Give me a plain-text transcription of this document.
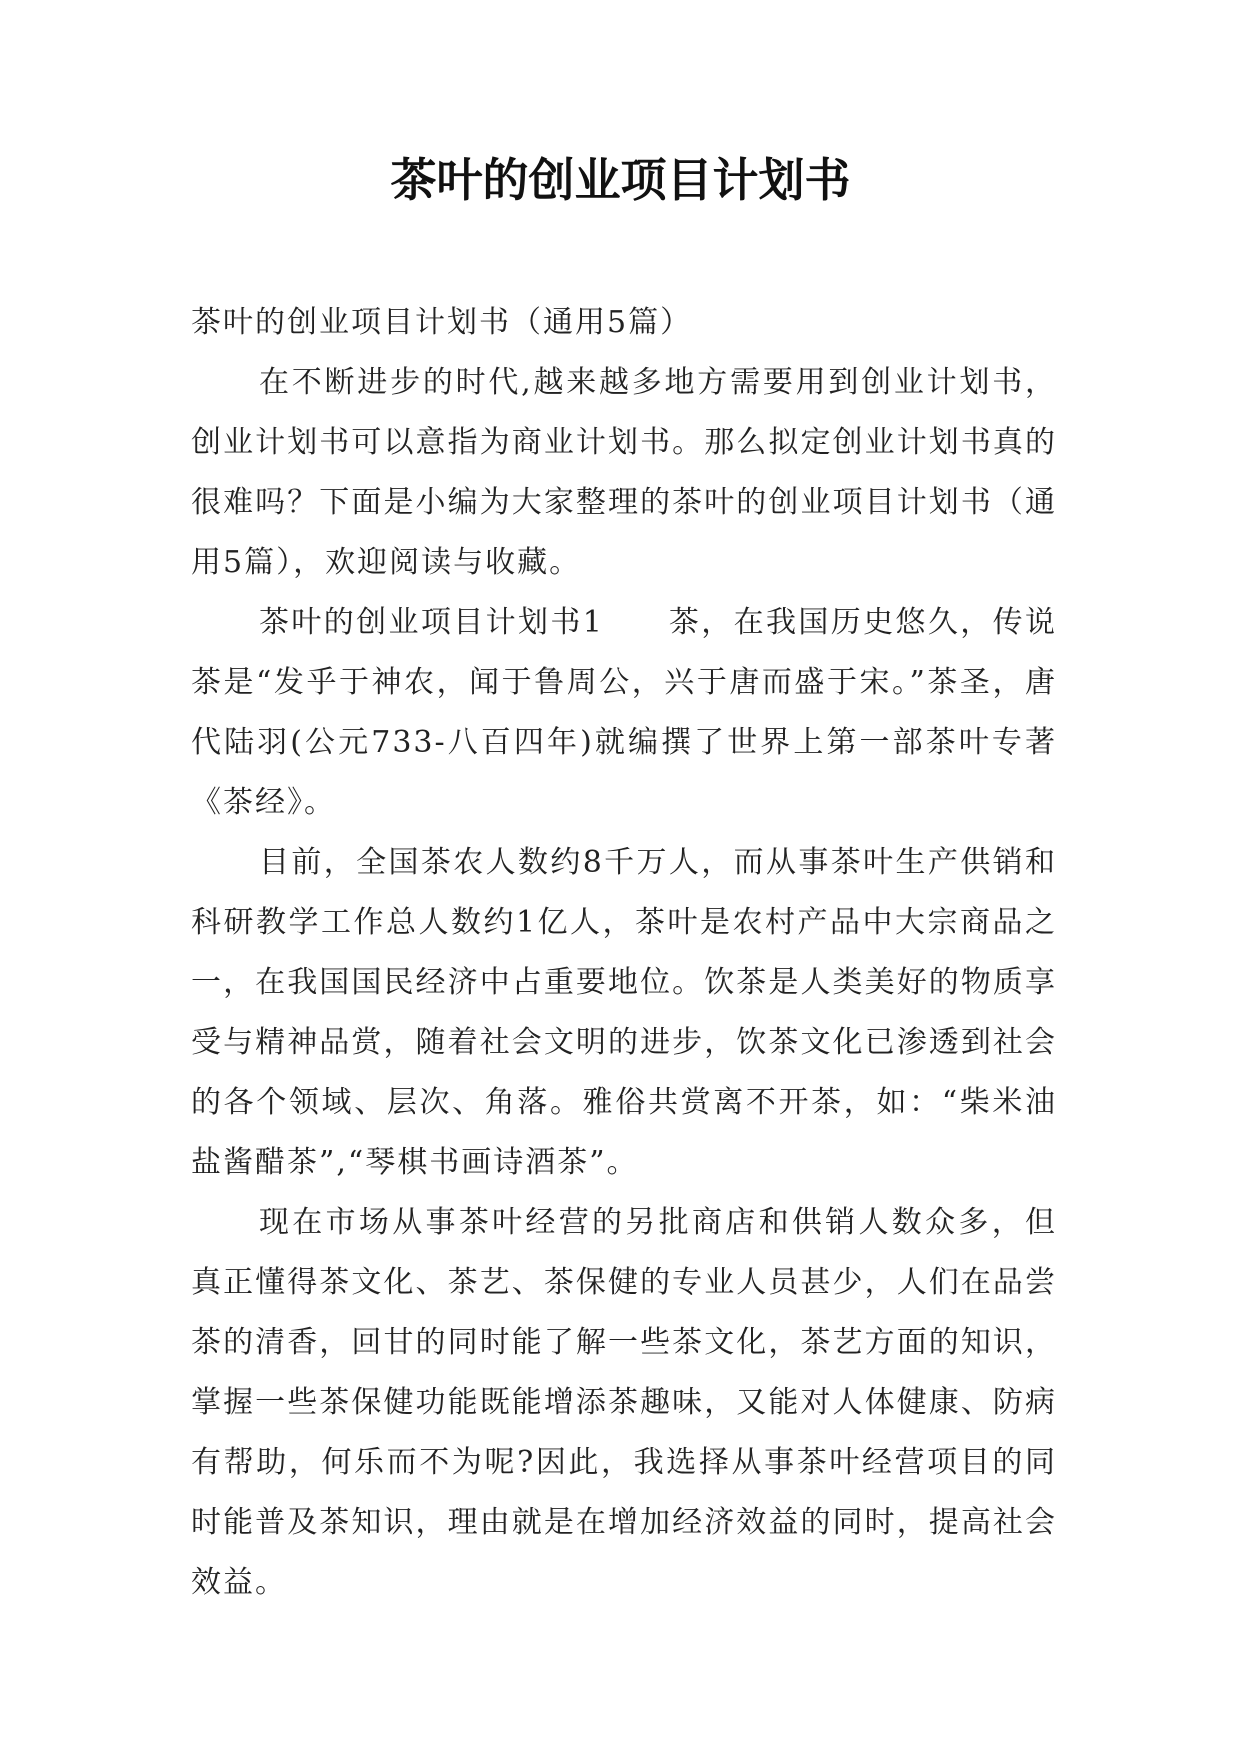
茶叶的创业项目计划书

茶叶的创业项目计划书（通用5篇）

在不断进步的时代,越来越多地方需要用到创业计划书，创业计划书可以意指为商业计划书。那么拟定创业计划书真的很难吗？下面是小编为大家整理的茶叶的创业项目计划书（通用5篇），欢迎阅读与收藏。

茶叶的创业项目计划书1　　茶，在我国历史悠久，传说茶是“发乎于神农，闻于鲁周公，兴于唐而盛于宋。”茶圣，唐代陆羽(公元733-八百四年)就编撰了世界上第一部茶叶专著《茶经》。

目前，全国茶农人数约8千万人，而从事茶叶生产供销和科研教学工作总人数约1亿人，茶叶是农村产品中大宗商品之一，在我国国民经济中占重要地位。饮茶是人类美好的物质享受与精神品赏，随着社会文明的进步，饮茶文化已渗透到社会的各个领域、层次、角落。雅俗共赏离不开茶，如：“柴米油盐酱醋茶”,“琴棋书画诗酒茶”。

现在市场从事茶叶经营的另批商店和供销人数众多，但真正懂得茶文化、茶艺、茶保健的专业人员甚少，人们在品尝茶的清香，回甘的同时能了解一些茶文化，茶艺方面的知识，掌握一些茶保健功能既能增添茶趣味，又能对人体健康、防病有帮助，何乐而不为呢?因此，我选择从事茶叶经营项目的同时能普及茶知识，理由就是在增加经济效益的同时，提高社会效益。
